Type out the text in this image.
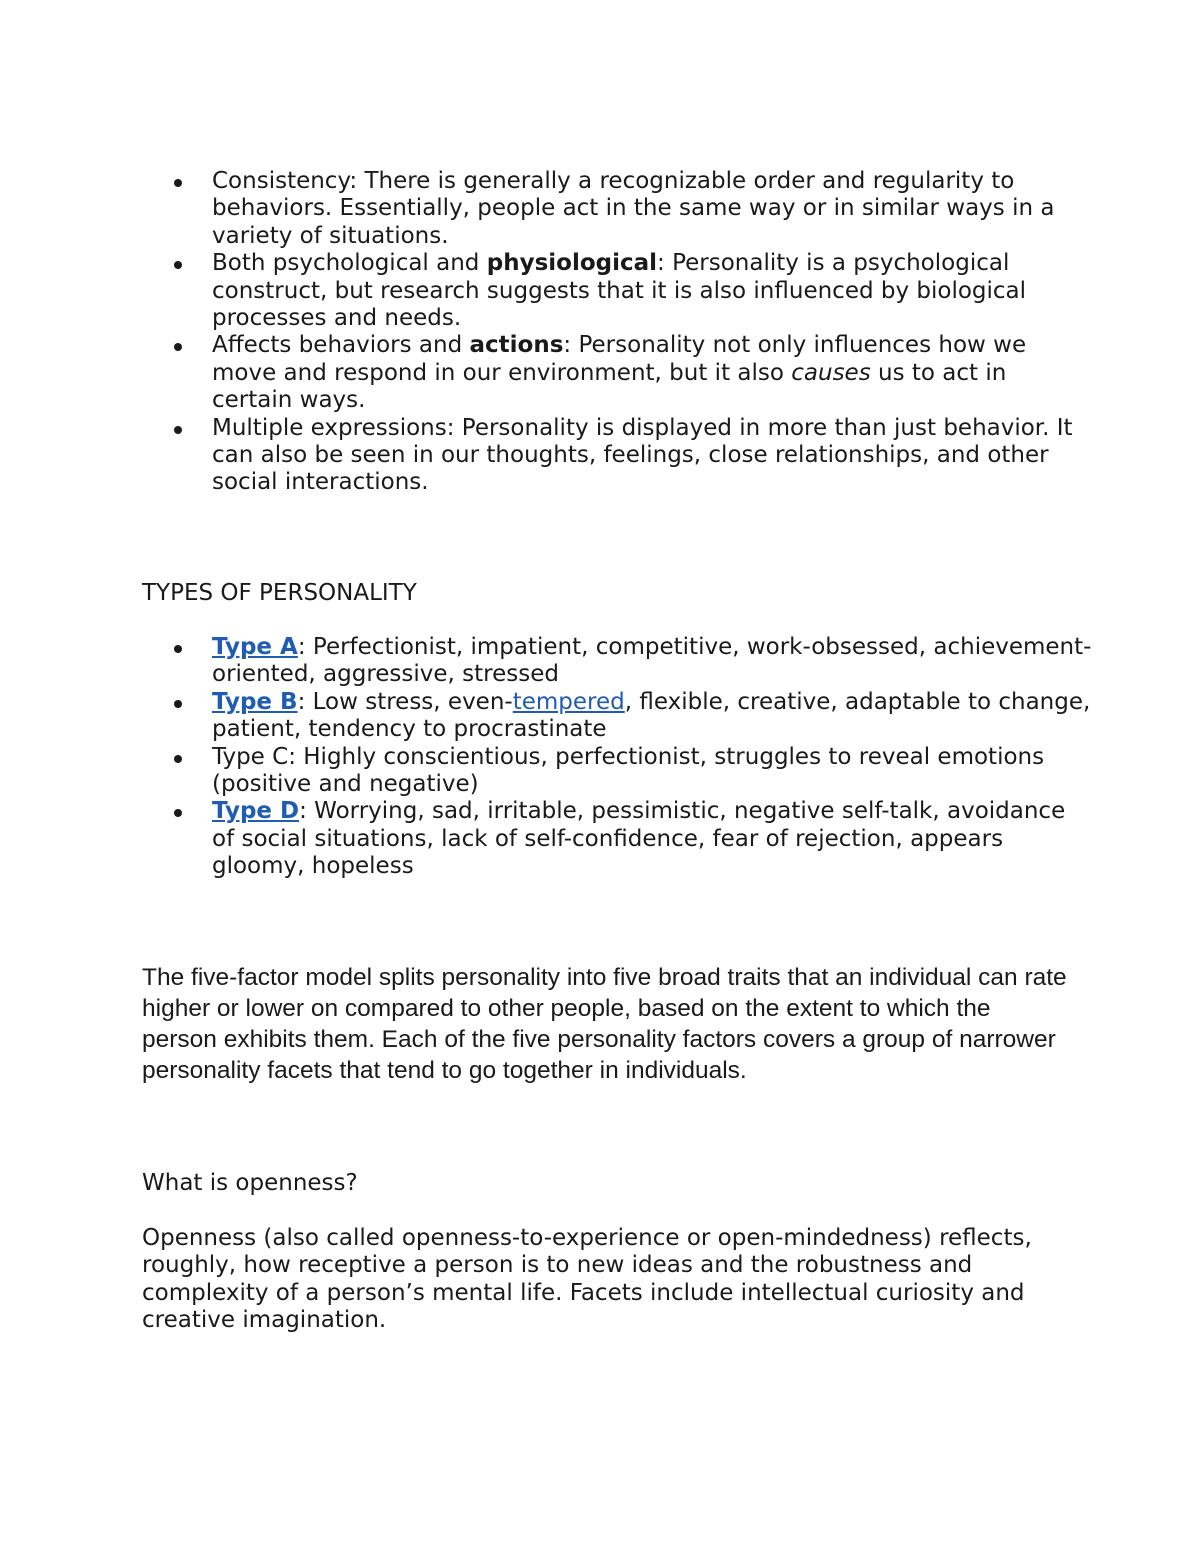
Consistency: There is generally a recognizable order and regularity to behaviors. Essentially, people act in the same way or in similar ways in a variety of situations.
Both psychological and physiological: Personality is a psychological construct, but research suggests that it is also influenced by biological processes and needs.
Affects behaviors and actions: Personality not only influences how we move and respond in our environment, but it also causes us to act in certain ways.
Multiple expressions: Personality is displayed in more than just behavior. It can also be seen in our thoughts, feelings, close relationships, and other social interactions.

TYPES OF PERSONALITY

Type A: Perfectionist, impatient, competitive, work-obsessed, achievement-oriented, aggressive, stressed
Type B: Low stress, even-tempered, flexible, creative, adaptable to change, patient, tendency to procrastinate
Type C: Highly conscientious, perfectionist, struggles to reveal emotions (positive and negative)
Type D: Worrying, sad, irritable, pessimistic, negative self-talk, avoidance of social situations, lack of self-confidence, fear of rejection, appears gloomy, hopeless

The five-factor model splits personality into five broad traits that an individual can rate higher or lower on compared to other people, based on the extent to which the person exhibits them. Each of the five personality factors covers a group of narrower personality facets that tend to go together in individuals.

What is openness?

Openness (also called openness-to-experience or open-mindedness) reflects, roughly, how receptive a person is to new ideas and the robustness and complexity of a person’s mental life. Facets include intellectual curiosity and creative imagination.
